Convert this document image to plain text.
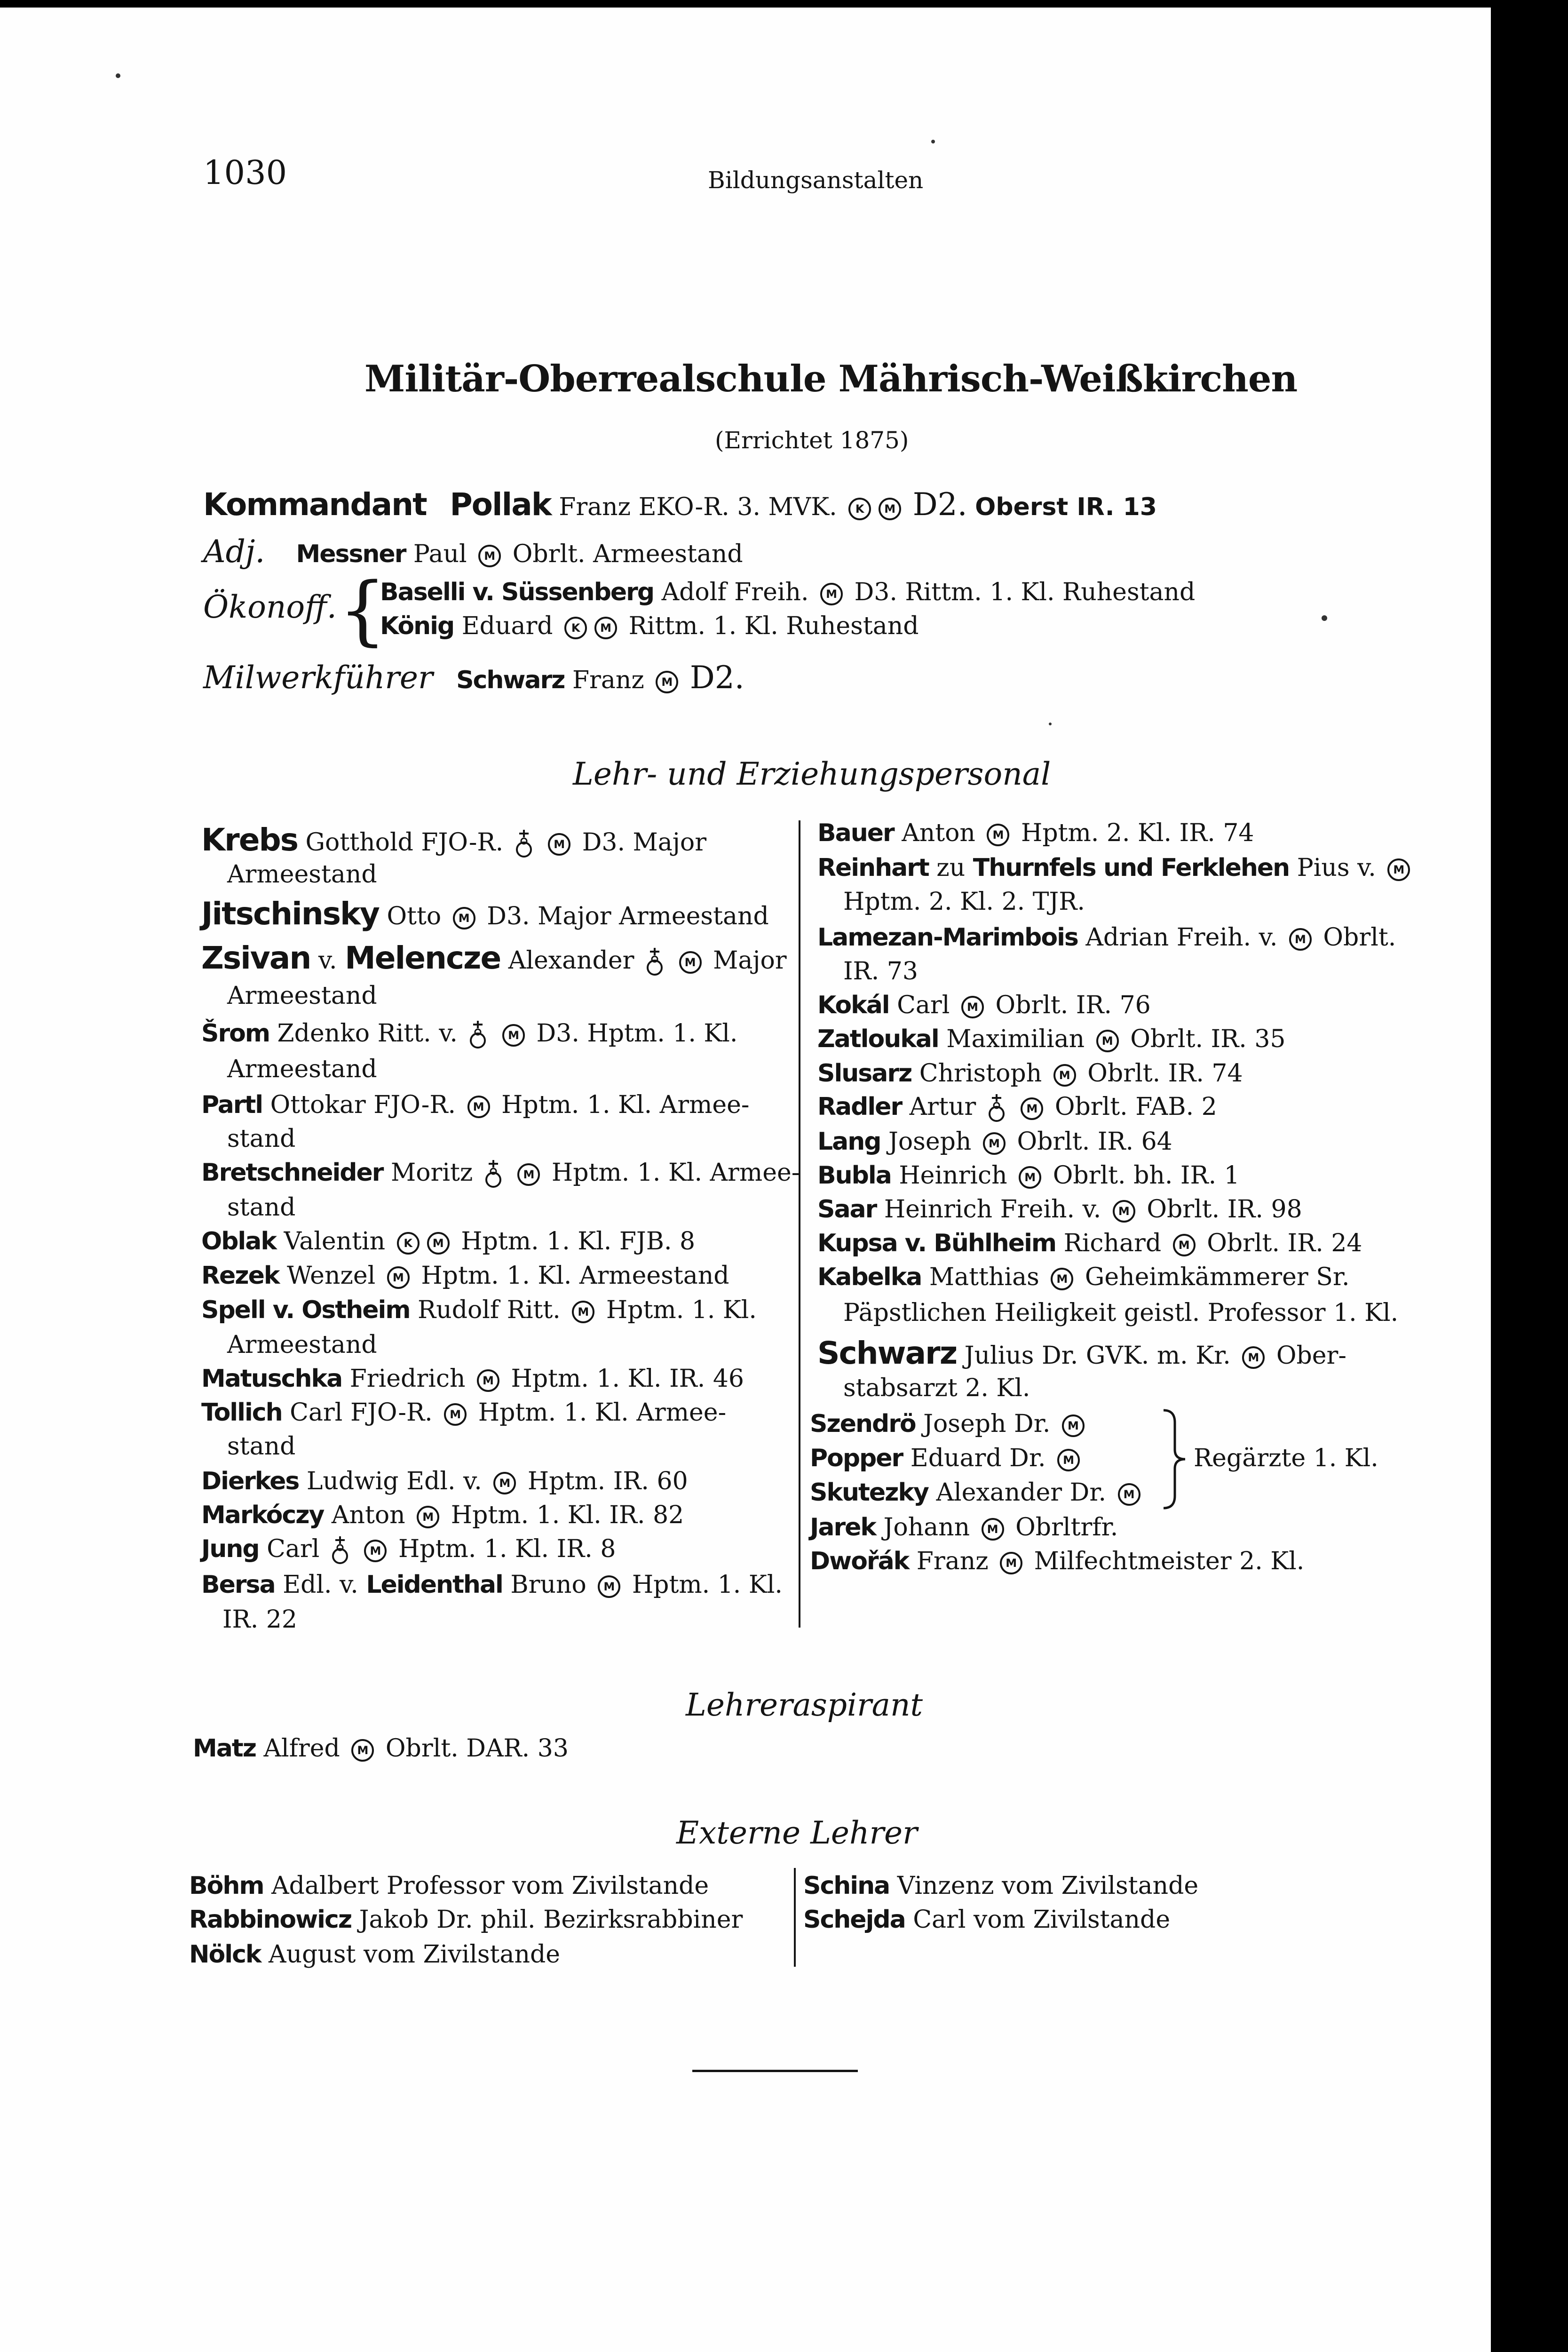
1030	Bildungsanstalten
Militär-Oberrealschule Mährisch-Weißkirchen
(Errichtet 1875)
Kommandant Pollak Franz EKO-R. 3. MVK. K M D2. Oberst IR. 13
Adj. Messner Paul M Obrlt. Armeestand
Ökonoff. {
Baselli v. Süssenberg Adolf Freih. M D3. Rittm. 1. Kl. Ruhestand
König Eduard K M Rittm. 1. Kl. Ruhestand
Milwerkführer Schwarz Franz M D2.
Lehr- und Erziehungspersonal
Krebs Gotthold FJO-R.	M D3. Major
Armeestand
Jitschinsky Otto M D3. Major Armeestand
Zsivan v. Melencze Alexander	M Major
Armeestand
Šrom Zdenko Ritt. v.	M D3. Hptm. 1. Kl.
Armeestand
Partl Ottokar FJO-R. M Hptm. 1. Kl. Armee-
stand
Bretschneider Moritz	M Hptm. 1. Kl. Armee-
stand
Oblak Valentin K M Hptm. 1. Kl. FJB. 8
Rezek Wenzel M Hptm. 1. Kl. Armeestand
Spell v. Ostheim Rudolf Ritt. M Hptm. 1. Kl.
Armeestand
Matuschka Friedrich M Hptm. 1. Kl. IR. 46
Tollich Carl FJO-R. M Hptm. 1. Kl. Armee-
stand
Dierkes Ludwig Edl. v. M Hptm. IR. 60
Markóczy Anton M Hptm. 1. Kl. IR. 82
Jung Carl	M Hptm. 1. Kl. IR. 8
Bersa Edl. v. Leidenthal Bruno M Hptm. 1. Kl.
IR. 22
Bauer Anton M Hptm. 2. Kl. IR. 74
Reinhart zu Thurnfels und Ferklehen Pius v. M
Hptm. 2. Kl. 2. TJR.
Lamezan-Marimbois Adrian Freih. v. M Obrlt.
IR. 73
Kokál Carl M Obrlt. IR. 76
Zatloukal Maximilian M Obrlt. IR. 35
Slusarz Christoph M Obrlt. IR. 74
Radler Artur	M Obrlt. FAB. 2
Lang Joseph M Obrlt. IR. 64
Bubla Heinrich M Obrlt. bh. IR. 1
Saar Heinrich Freih. v. M Obrlt. IR. 98
Kupsa v. Bühlheim Richard M Obrlt. IR. 24
Kabelka Matthias M Geheimkämmerer Sr.
Päpstlichen Heiligkeit geistl. Professor 1. Kl.
Schwarz Julius Dr. GVK. m. Kr. M Ober-
stabsarzt 2. Kl.
Szendrö Joseph Dr. M
Popper Eduard Dr. M
Skutezky Alexander Dr. M
Regärzte 1. Kl.
Jarek Johann M Obrltrfr.
Dwořák Franz M Milfechtmeister 2. Kl.
Lehreraspirant
Matz Alfred M Obrlt. DAR. 33
Externe Lehrer
Böhm Adalbert Professor vom Zivilstande
Rabbinowicz Jakob Dr. phil. Bezirksrabbiner
Nölck August vom Zivilstande
Schina Vinzenz vom Zivilstande
Schejda Carl vom Zivilstande
